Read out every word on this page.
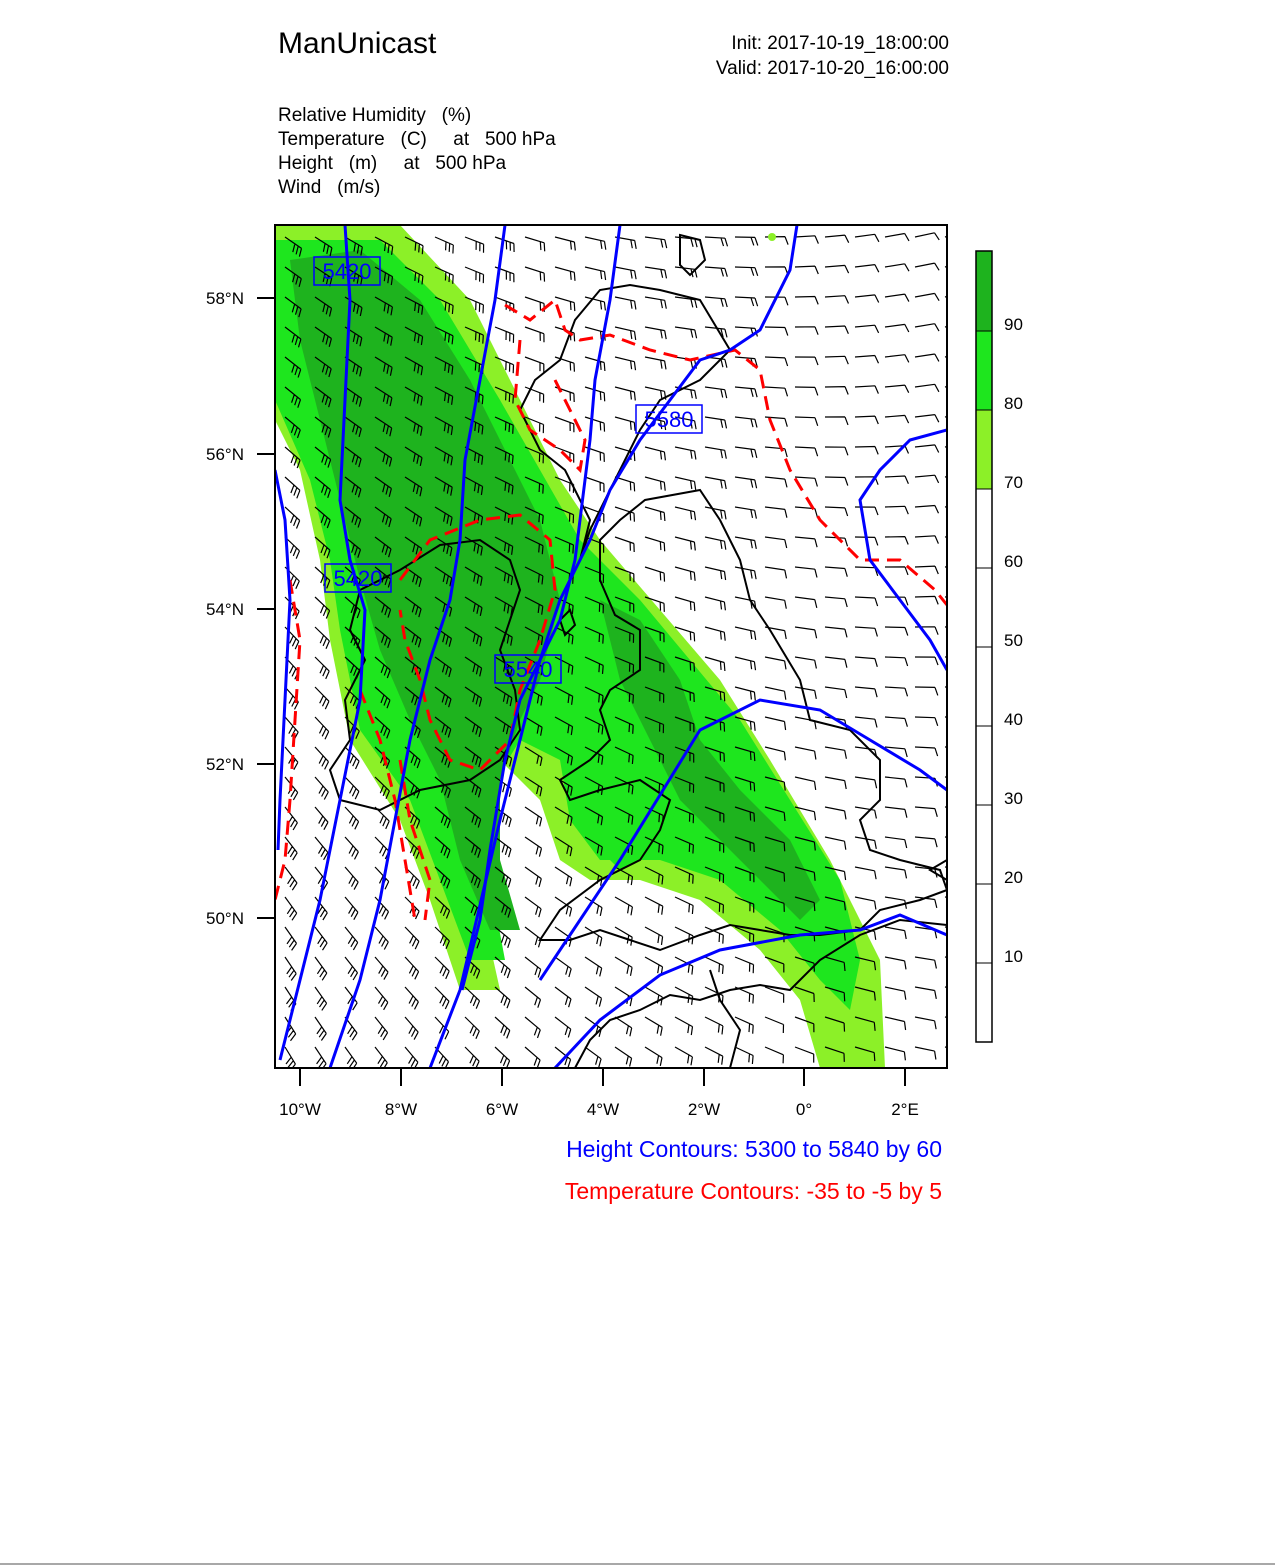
ManUnicast	Init: 2017-10-19_18:00:00
Valid: 2017-10-20_16:00:00
Relative Humidity   (%)
Temperature   (C)     at   500 hPa
Height   (m)     at   500 hPa
Wind   (m/s)
5420
5580
5420
5540
58°N
56°N
54°N
52°N
50°N
10°W	8°W	6°W	4°W	2°W	0°	2°E
90
80
70
60
50
40
30
20
10
Height Contours: 5300 to 5840 by 60
Temperature Contours: -35 to -5 by 5
